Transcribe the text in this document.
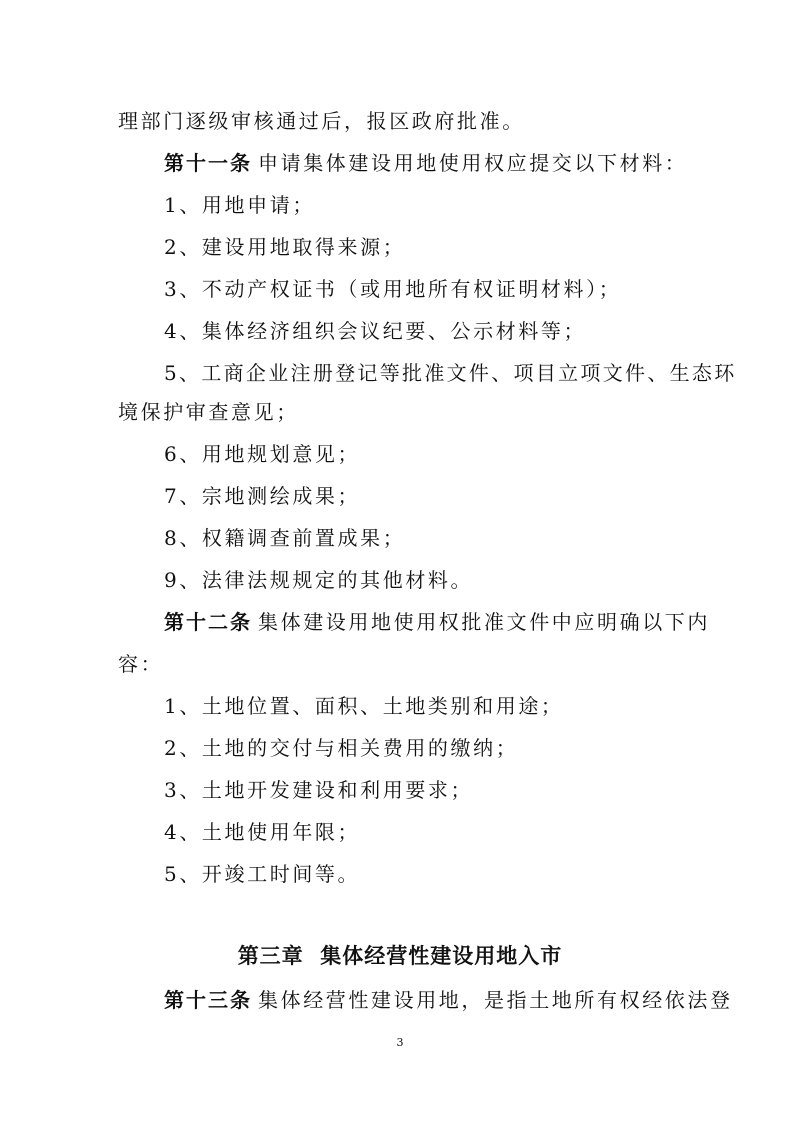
理部门逐级审核通过后，报区政府批准。
第十一条 申请集体建设用地使用权应提交以下材料：
1、用地申请；
2、建设用地取得来源；
3、不动产权证书（或用地所有权证明材料）；
4、集体经济组织会议纪要、公示材料等；
5、工商企业注册登记等批准文件、项目立项文件、生态环
境保护审查意见；
6、用地规划意见；
7、宗地测绘成果；
8、权籍调查前置成果；
9、法律法规规定的其他材料。
第十二条 集体建设用地使用权批准文件中应明确以下内
容：
1、土地位置、面积、土地类别和用途；
2、土地的交付与相关费用的缴纳；
3、土地开发建设和利用要求；
4、土地使用年限；
5、开竣工时间等。
第三章  集体经营性建设用地入市
第十三条 集体经营性建设用地，是指土地所有权经依法登
3
